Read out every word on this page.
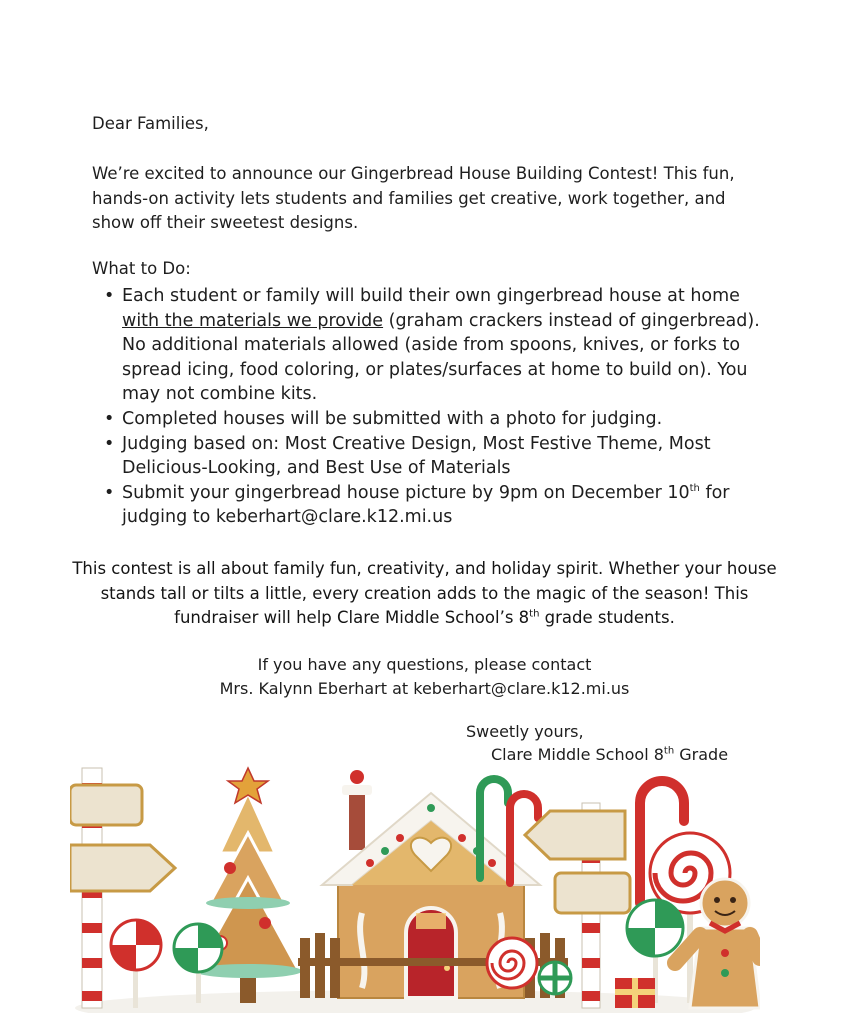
Dear Families,
We’re excited to announce our Gingerbread House Building Contest! This fun, hands-on activity lets students and families get creative, work together, and show off their sweetest designs.
What to Do:
• Each student or family will build their own gingerbread house at home with the materials we provide (graham crackers instead of gingerbread). No additional materials allowed (aside from spoons, knives, or forks to spread icing, food coloring, or plates/surfaces at home to build on). You may not combine kits.
• Completed houses will be submitted with a photo for judging.
• Judging based on: Most Creative Design, Most Festive Theme, Most Delicious-Looking, and Best Use of Materials
• Submit your gingerbread house picture by 9pm on December 10th for judging to keberhart@clare.k12.mi.us
This contest is all about family fun, creativity, and holiday spirit. Whether your house stands tall or tilts a little, every creation adds to the magic of the season! This fundraiser will help Clare Middle School’s 8th grade students.
If you have any questions, please contact
Mrs. Kalynn Eberhart at keberhart@clare.k12.mi.us
Sweetly yours,
Clare Middle School 8th Grade
